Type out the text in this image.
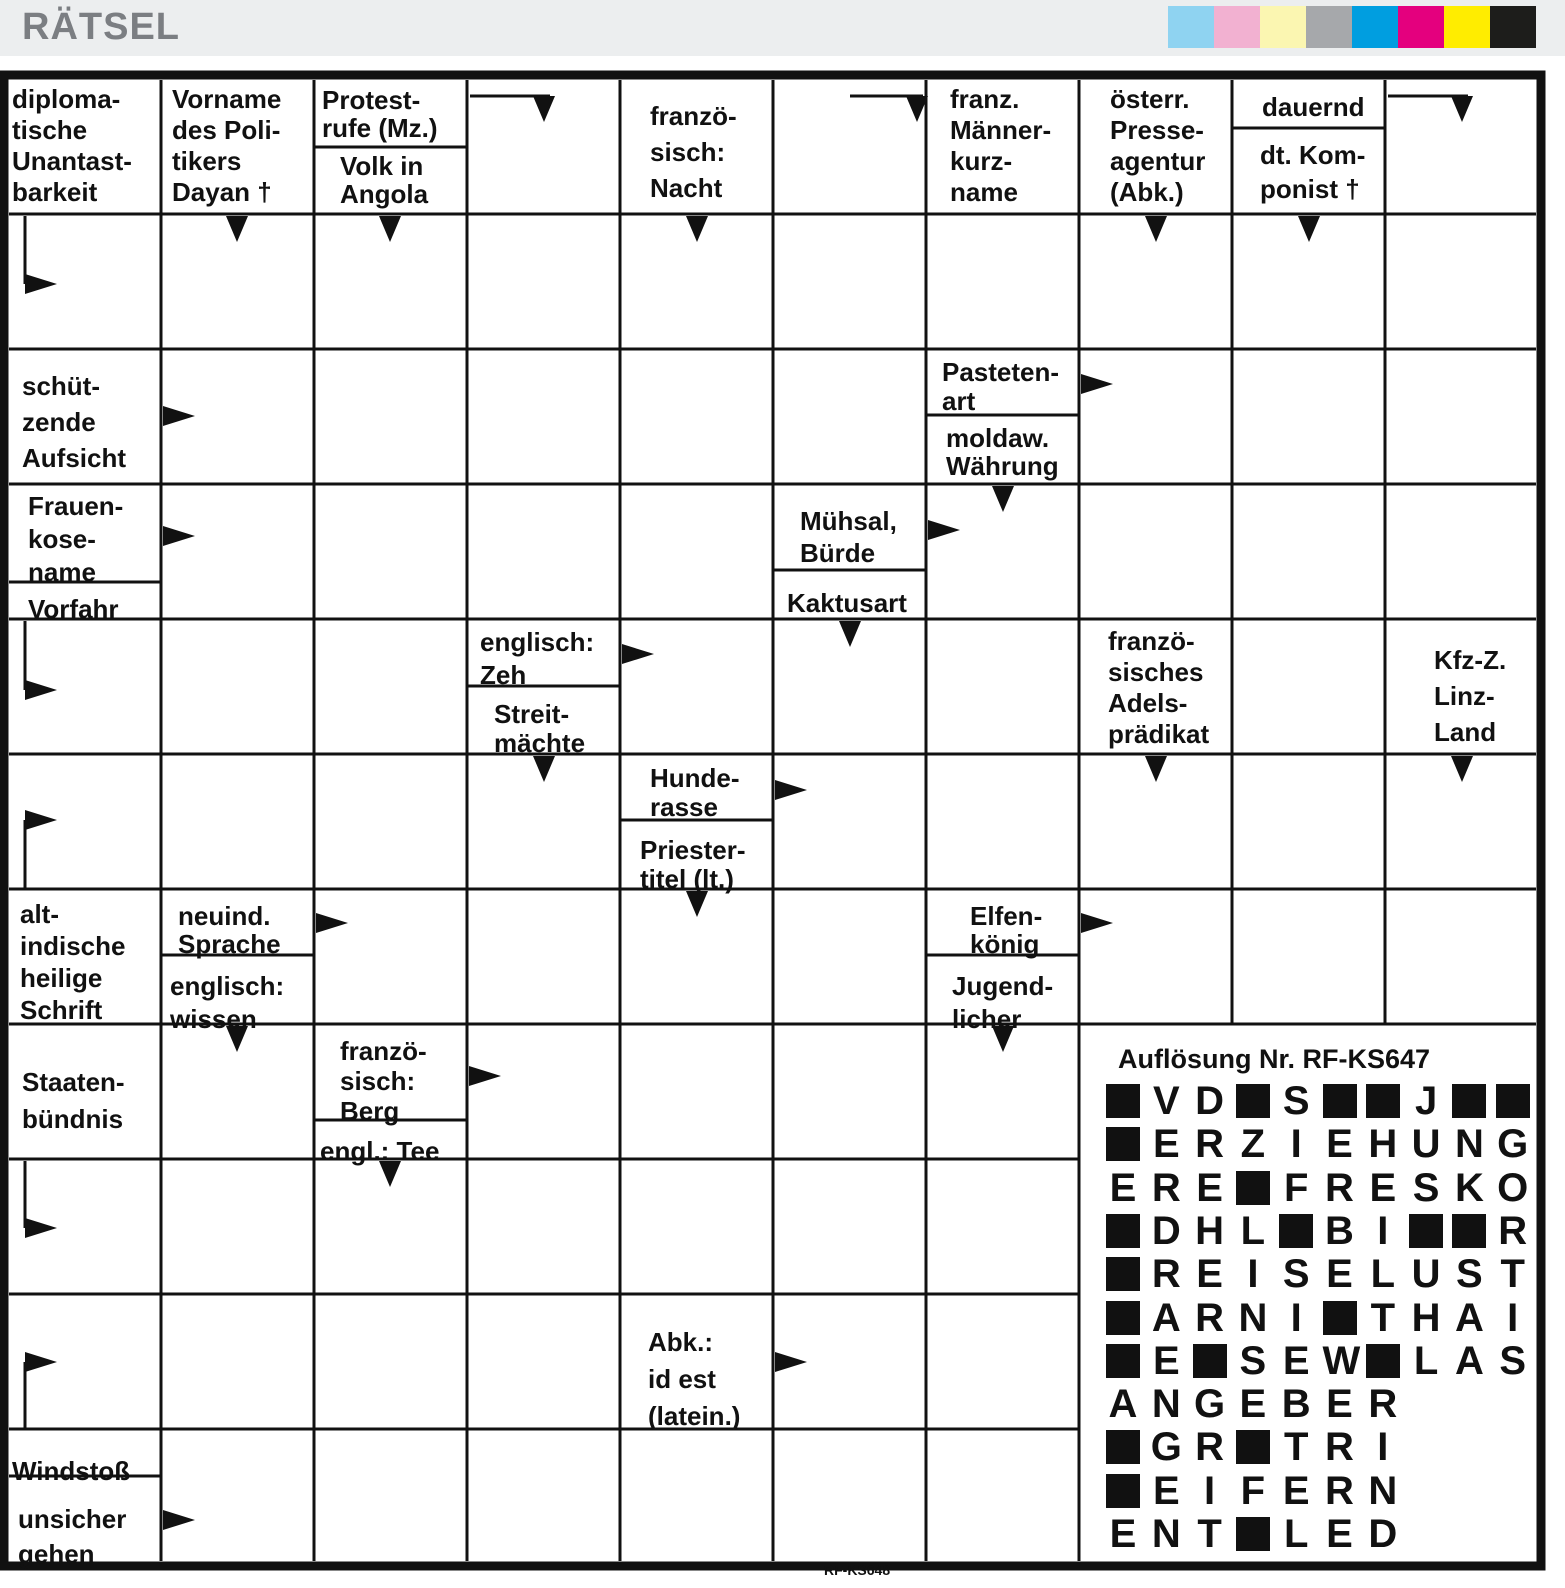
RÄTSEL
diploma-
tische
Unantast-
barkeit
Vorname
des Poli-
tikers
Dayan †
Protest-
rufe (Mz.)
Volk in
Angola
franzö-
sisch:
Nacht
franz.
Männer-
kurz-
name
österr.
Presse-
agentur
(Abk.)
dauernd
dt. Kom-
ponist †
schüt-
zende
Aufsicht
Pasteten-
art
moldaw.
Währung
Frauen-
kose-
name
Vorfahr
Mühsal,
Bürde
Kaktusart
englisch:
Zeh
Streit-
mächte
franzö-
sisches
Adels-
prädikat
Kfz-Z.
Linz-
Land
Hunde-
rasse
Priester-
titel (lt.)
alt-
indische
heilige
Schrift
neuind.
Sprache
englisch:
wissen
Elfen-
könig
Jugend-
licher
Staaten-
bündnis
franzö-
sisch:
Berg
engl.: Tee
Abk.:
id est
(latein.)
Windstoß
unsicher
gehen
Auflösung Nr. RF-KS647
V D S	J
E R Z I E H U N G
E R E F R E S K O
D H L B I	R
R E I S E L U S T
A R N I T H A I
E S E W L A S
A N G E B E R
G R T R I
E I F E R N
E N T L E D
RF-KS648
